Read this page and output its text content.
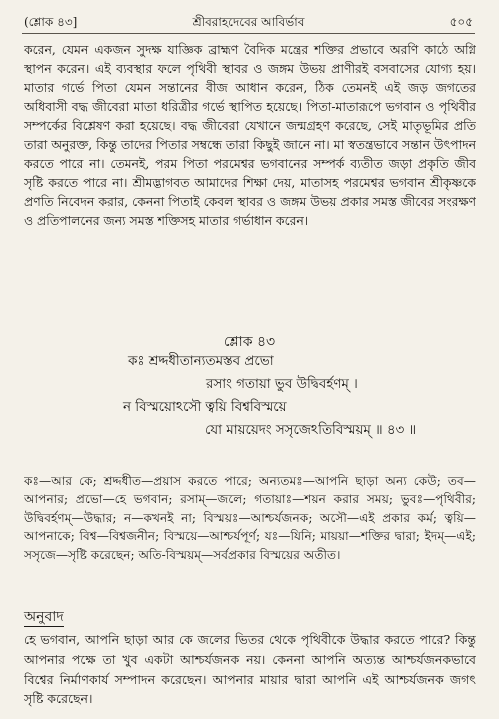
(শ্লোক ৪৩]	শ্রীবরাহদেবের আবির্ভাব	৫০৫

করেন, যেমন একজন সুদক্ষ যাজ্ঞিক ব্রাহ্মণ বৈদিক মন্ত্রের শক্তির প্রভাবে অরণি কাঠে অগ্নি স্থাপন করেন। এই ব্যবস্থার ফলে পৃথিবী স্থাবর ও জঙ্গম উভয় প্রাণীরই বসবাসের যোগ্য হয়। মাতার গর্ভে পিতা যেমন সন্তানের বীজ আধান করেন, ঠিক তেমনই এই জড় জগতের অধিবাসী বদ্ধ জীবেরা মাতা ধরিত্রীর গর্ভে স্থাপিত হয়েছে। পিতা-মাতারূপে ভগবান ও পৃথিবীর সম্পর্কের বিশ্লেষণ করা হয়েছে। বদ্ধ জীবেরা যেখানে জন্মগ্রহণ করেছে, সেই মাতৃভূমির প্রতি তারা অনুরক্ত, কিন্তু তাদের পিতার সম্বন্ধে তারা কিছুই জানে না। মা স্বতন্ত্রভাবে সন্তান উৎপাদন করতে পারে না। তেমনই, পরম পিতা পরমেশ্বর ভগবানের সম্পর্ক ব্যতীত জড়া প্রকৃতি জীব সৃষ্টি করতে পারে না। শ্রীমদ্ভাগবত আমাদের শিক্ষা দেয়, মাতাসহ পরমেশ্বর ভগবান শ্রীকৃষ্ণকে প্রণতি নিবেদন করার, কেননা পিতাই কেবল স্থাবর ও জঙ্গম উভয় প্রকার সমস্ত জীবের সংরক্ষণ ও প্রতিপালনের জন্য সমস্ত শক্তিসহ মাতার গর্ভাধান করেন।

শ্লোক ৪৩
কঃ শ্রদ্দধীতান্যতমস্তব প্রভো
রসাং গতায়া ভুব উদ্বিবর্হণম্ ।
ন বিস্ময়োঽসৌ ত্বয়ি বিশ্ববিস্ময়ে
যো মায়য়েদং সসৃজেঽতিবিস্ময়ম্ ॥ ৪৩ ॥

কঃ—আর কে; শ্রদ্দধীত—প্রয়াস করতে পারে; অন্যতমঃ—আপনি ছাড়া অন্য কেউ; তব—আপনার; প্রভো—হে ভগবান; রসাম্—জলে; গতায়াঃ—শয়ন করার সময়; ভুবঃ—পৃথিবীর; উদ্বিবর্হণম্—উদ্ধার; ন—কখনই না; বিস্ময়ঃ—আশ্চর্যজনক; অসৌ—এই প্রকার কর্ম; ত্বয়ি—আপনাকে; বিশ্ব—বিশ্বজনীন; বিস্ময়ে—আশ্চর্যপূর্ণ; যঃ—যিনি; মায়য়া—শক্তির দ্বারা; ইদম্—এই; সসৃজে—সৃষ্টি করেছেন; অতি-বিস্ময়ম্—সর্বপ্রকার বিস্ময়ের অতীত।

অনুবাদ

হে ভগবান, আপনি ছাড়া আর কে জলের ভিতর থেকে পৃথিবীকে উদ্ধার করতে পারে? কিন্তু আপনার পক্ষে তা খুব একটা আশ্চর্যজনক নয়। কেননা আপনি অত্যন্ত আশ্চর্যজনকভাবে বিশ্বের নির্মাণকার্য সম্পাদন করেছেন। আপনার মায়ার দ্বারা আপনি এই আশ্চর্যজনক জগৎ সৃষ্টি করেছেন।
